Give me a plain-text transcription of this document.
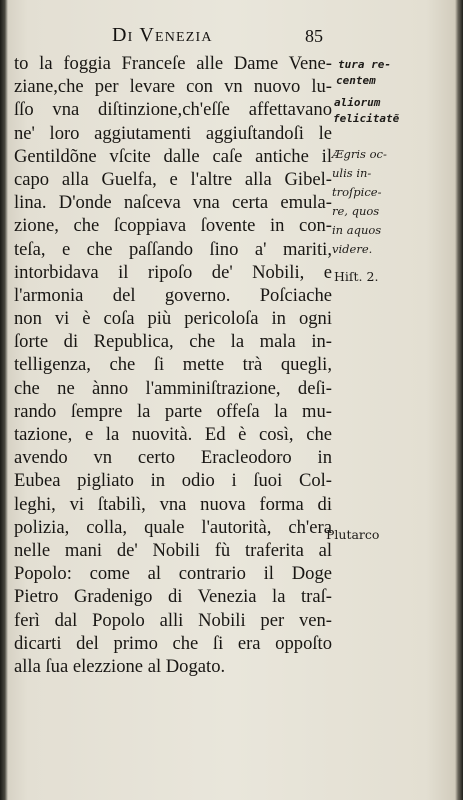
Di Venezia	85
to la foggia Franceſe alle Dame Vene-
ziane,che per levare con vn nuovo lu-
ſſo vna diſtinzione,ch'eſſe affettavano
ne' loro aggiutamenti aggiuſtandoſi le
Gentildõne vſcite dalle caſe antiche il
capo alla Guelfa, e l'altre alla Gibel-
lina. D'onde naſceva vna certa emula-
zione, che ſcoppiava ſovente in con-
teſa, e che paſſando ſino a' mariti,
intorbidava il ripoſo de' Nobili, e
l'armonia del governo. Poſciache
non vi è coſa più pericoloſa in ogni
ſorte di Republica, che la mala in-
telligenza, che ſi mette trà quegli,
che ne ànno l'amminiſtrazione, deſi-
rando ſempre la parte offeſa la mu-
tazione, e la nuovità. Ed è così, che
avendo vn certo Eracleodoro in
Eubea pigliato in odio i ſuoi Col-
leghi, vi ſtabilì, vna nuova forma di
polizia, colla, quale l'autorità, ch'era
nelle mani de' Nobili fù traferita al
Popolo: come al contrario il Doge
Pietro Gradenigo di Venezia la traſ-
ferì dal Popolo alli Nobili per ven-
dicarti del primo che ſi era oppoſto
alla ſua elezzione al Dogato.
tura re-
centem
aliorum
felicitatẽ
Ægris oc-
ulis in-
troſpice-
re, quos
in aquos
videre.
Hiſt. 2.
Plutarco
